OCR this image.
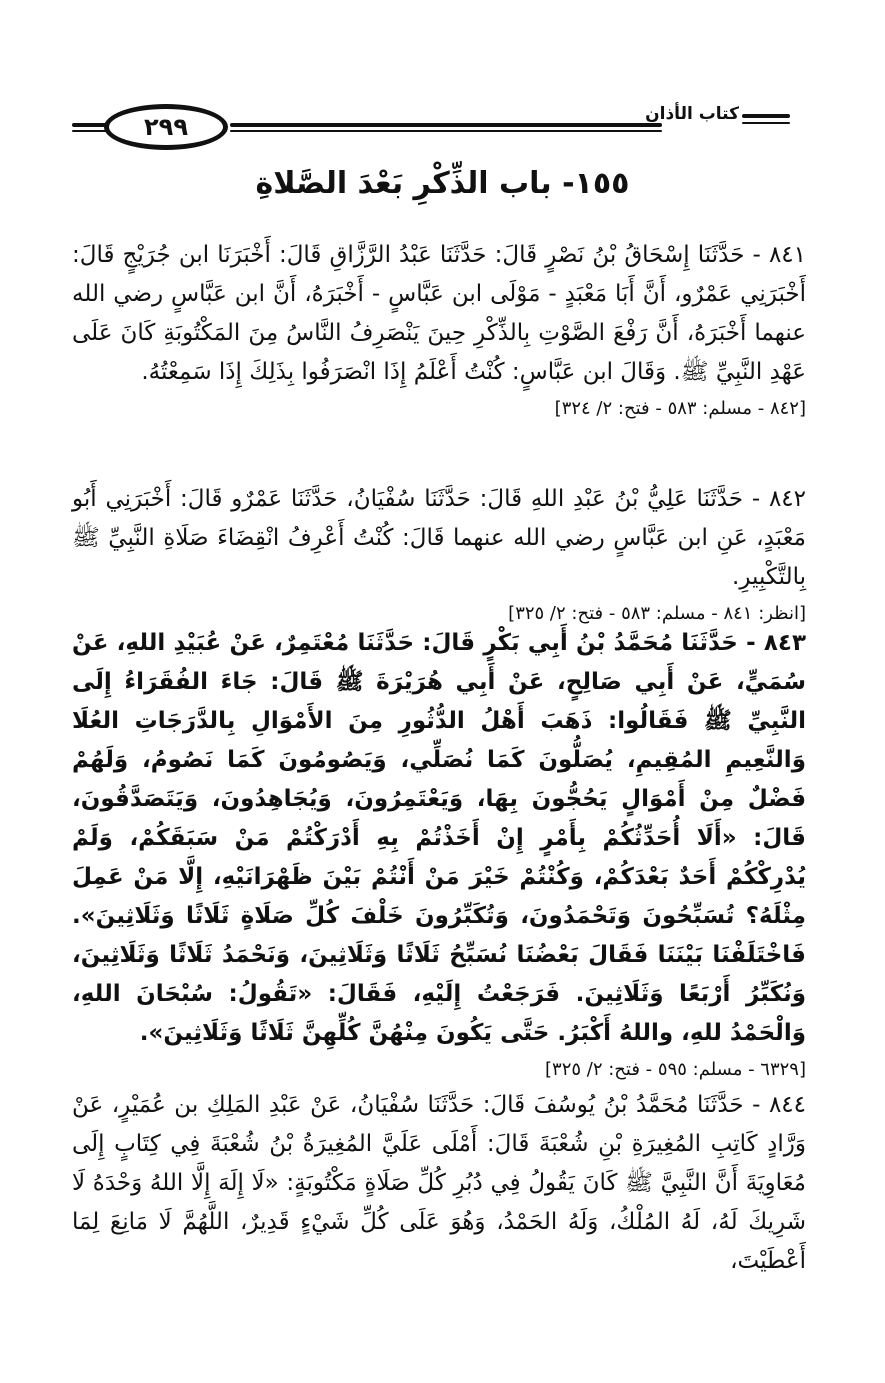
٢٩٩	كتاب الأذان
١٥٥- باب الذِّكْرِ بَعْدَ الصَّلاةِ

٨٤١ - حَدَّثَنَا إِسْحَاقُ بْنُ نَصْرٍ قَالَ: حَدَّثَنَا عَبْدُ الرَّزَّاقِ قَالَ: أَخْبَرَنَا ابن جُرَيْجٍ قَالَ: أَخْبَرَنِي عَمْرٌو، أَنَّ أَبَا مَعْبَدٍ - مَوْلَى ابن عَبَّاسٍ - أَخْبَرَهُ، أَنَّ ابن عَبَّاسٍ رضي الله عنهما أَخْبَرَهُ، أَنَّ رَفْعَ الصَّوْتِ بِالذِّكْرِ حِينَ يَنْصَرِفُ النَّاسُ مِنَ المَكْتُوبَةِ كَانَ عَلَى عَهْدِ النَّبِيِّ ﷺ. وَقَالَ ابن عَبَّاسٍ: كُنْتُ أَعْلَمُ إِذَا انْصَرَفُوا بِذَلِكَ إِذَا سَمِعْتُهُ.

[٨٤٢ - مسلم: ٥٨٣ - فتح: ٢/ ٣٢٤]

٨٤٢ - حَدَّثَنَا عَلِيُّ بْنُ عَبْدِ اللهِ قَالَ: حَدَّثَنَا سُفْيَانُ، حَدَّثَنَا عَمْرٌو قَالَ: أَخْبَرَنِي أَبُو مَعْبَدٍ، عَنِ ابن عَبَّاسٍ رضي الله عنهما قَالَ: كُنْتُ أَعْرِفُ انْقِضَاءَ صَلَاةِ النَّبِيِّ ﷺ بِالتَّكْبِيرِ.

[انظر: ٨٤١ - مسلم: ٥٨٣ - فتح: ٢/ ٣٢٥]

٨٤٣ - حَدَّثَنَا مُحَمَّدُ بْنُ أَبِي بَكْرٍ قَالَ: حَدَّثَنَا مُعْتَمِرٌ، عَنْ عُبَيْدِ اللهِ، عَنْ سُمَيٍّ، عَنْ أَبِي صَالِحٍ، عَنْ أَبِي هُرَيْرَةَ ﷺ قَالَ: جَاءَ الفُقَرَاءُ إِلَى النَّبِيِّ ﷺ فَقَالُوا: ذَهَبَ أَهْلُ الدُّثُورِ مِنَ الأَمْوَالِ بِالدَّرَجَاتِ العُلَا وَالنَّعِيمِ المُقِيمِ، يُصَلُّونَ كَمَا نُصَلِّي، وَيَصُومُونَ كَمَا نَصُومُ، وَلَهُمْ فَضْلٌ مِنْ أَمْوَالٍ يَحُجُّونَ بِهَا، وَيَعْتَمِرُونَ، وَيُجَاهِدُونَ، وَيَتَصَدَّقُونَ، قَالَ: «أَلَا أُحَدِّثُكُمْ بِأَمْرٍ إِنْ أَخَذْتُمْ بِهِ أَدْرَكْتُمْ مَنْ سَبَقَكُمْ، وَلَمْ يُدْرِكْكُمْ أَحَدٌ بَعْدَكُمْ، وَكُنْتُمْ خَيْرَ مَنْ أَنْتُمْ بَيْنَ ظَهْرَانَيْهِ، إِلَّا مَنْ عَمِلَ مِثْلَهُ؟ تُسَبِّحُونَ وَتَحْمَدُونَ، وَتُكَبِّرُونَ خَلْفَ كُلِّ صَلَاةٍ ثَلَاثًا وَثَلَاثِينَ». فَاخْتَلَفْنَا بَيْنَنَا فَقَالَ بَعْضُنَا نُسَبِّحُ ثَلَاثًا وَثَلَاثِينَ، وَنَحْمَدُ ثَلَاثًا وَثَلَاثِينَ، وَنُكَبِّرُ أَرْبَعًا وَثَلَاثِينَ. فَرَجَعْتُ إِلَيْهِ، فَقَالَ: «تَقُولُ: سُبْحَانَ اللهِ، وَالْحَمْدُ للهِ، واللهُ أَكْبَرُ. حَتَّى يَكُونَ مِنْهُنَّ كُلِّهِنَّ ثَلَاثًا وَثَلَاثِينَ».

[٦٣٢٩ - مسلم: ٥٩٥ - فتح: ٢/ ٣٢٥]

٨٤٤ - حَدَّثَنَا مُحَمَّدُ بْنُ يُوسُفَ قَالَ: حَدَّثَنَا سُفْيَانُ، عَنْ عَبْدِ المَلِكِ بن عُمَيْرٍ، عَنْ وَرَّادٍ كَاتِبِ المُغِيرَةِ بْنِ شُعْبَةَ قَالَ: أَمْلَى عَلَيَّ المُغِيرَةُ بْنُ شُعْبَةَ فِي كِتَابٍ إِلَى مُعَاوِيَةَ أَنَّ النَّبِيَّ ﷺ كَانَ يَقُولُ فِي دُبُرِ كُلِّ صَلَاةٍ مَكْتُوبَةٍ: «لَا إِلَهَ إِلَّا اللهُ وَحْدَهُ لَا شَرِيكَ لَهُ، لَهُ المُلْكُ، وَلَهُ الحَمْدُ، وَهُوَ عَلَى كُلِّ شَيْءٍ قَدِيرٌ، اللَّهُمَّ لَا مَانِعَ لِمَا أَعْطَيْتَ،
